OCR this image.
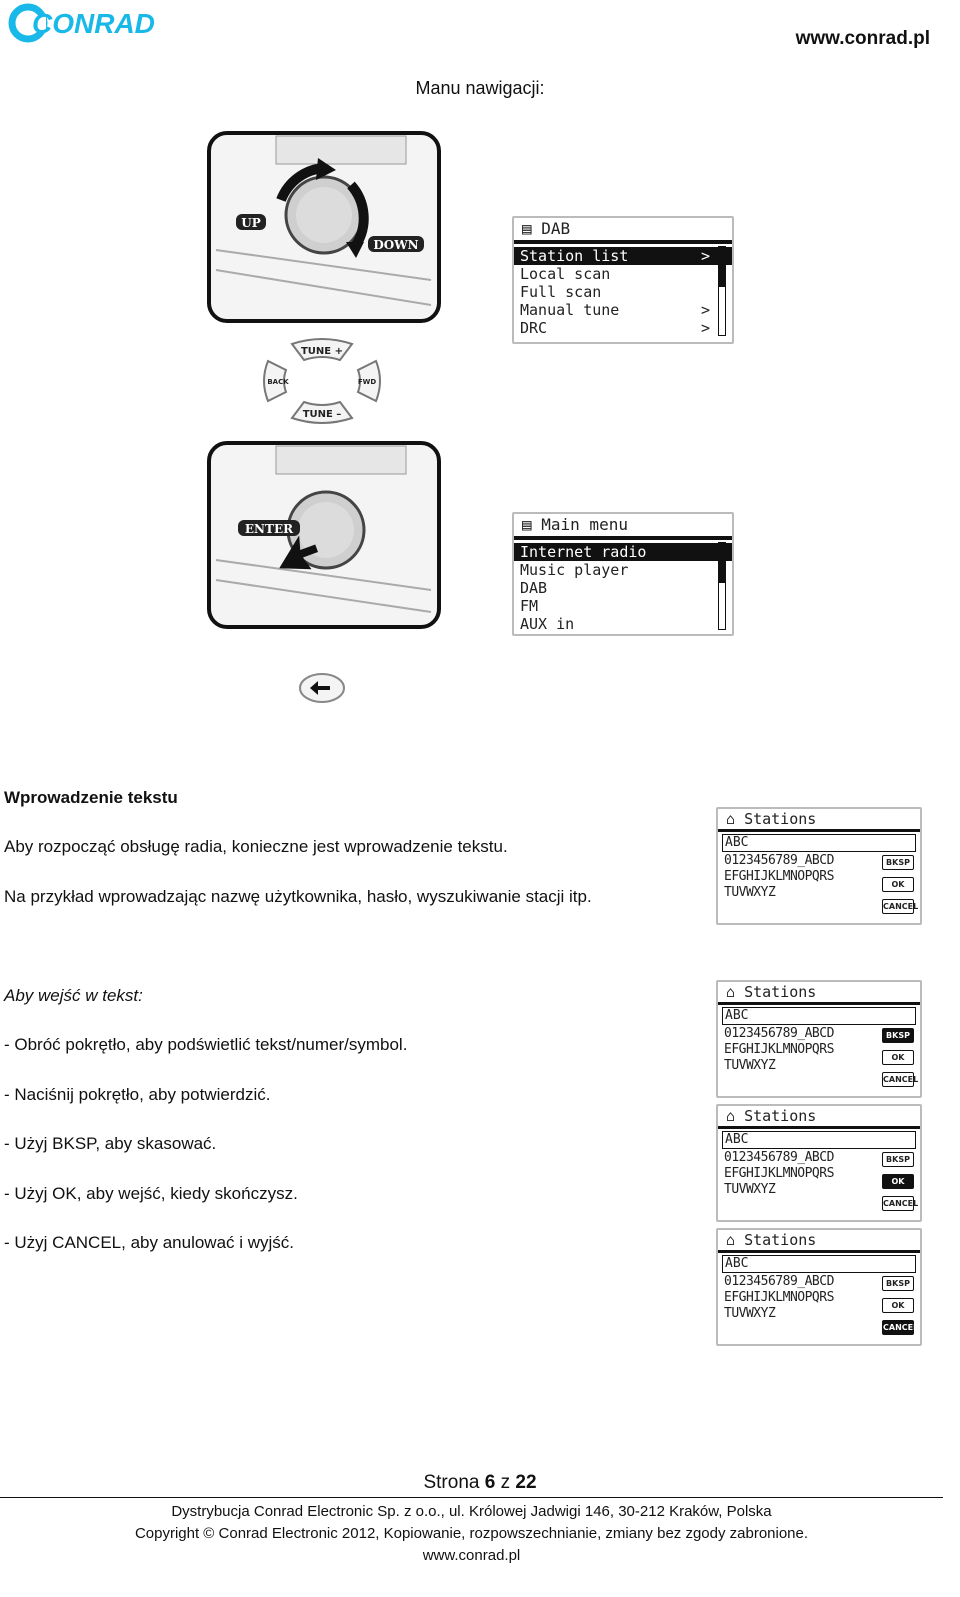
CONRAD	www.conrad.pl
Manu nawigacji:
UP
DOWN
▤ DAB
Station list	>
Local scan
Full scan
Manual tune	>
DRC	>
TUNE +
TUNE –
BACK	FWD
ENTER	▤ Main menu
Internet radio
Music player
DAB
FM
AUX in
Wprowadzenie tekstu
Aby rozpocząć obsługę radia, konieczne jest wprowadzenie tekstu.
Na przykład wprowadzając nazwę użytkownika, hasło, wyszukiwanie stacji itp.
Aby wejść w tekst:
- Obróć pokrętło, aby podświetlić tekst/numer/symbol.
- Naciśnij pokrętło, aby potwierdzić.
- Użyj BKSP, aby skasować.
- Użyj OK, aby wejść, kiedy skończysz.
- Użyj CANCEL, aby anulować i wyjść.
⌂ Stations
ABC
0123456789_ABCD
EFGHIJKLMNOPQRS
TUVWXYZ
BKSP
OK
CANCEL
⌂ Stations
ABC
0123456789_ABCD
EFGHIJKLMNOPQRS
TUVWXYZ
BKSP
OK
CANCEL
⌂ Stations
ABC
0123456789_ABCD
EFGHIJKLMNOPQRS
TUVWXYZ
BKSP
OK
CANCEL
⌂ Stations
ABC
0123456789_ABCD
EFGHIJKLMNOPQRS
TUVWXYZ
BKSP
OK
CANCEL
Strona 6 z 22
Dystrybucja Conrad Electronic Sp. z o.o., ul. Królowej Jadwigi 146, 30-212 Kraków, Polska
Copyright © Conrad Electronic 2012, Kopiowanie, rozpowszechnianie, zmiany bez zgody zabronione.
www.conrad.pl
